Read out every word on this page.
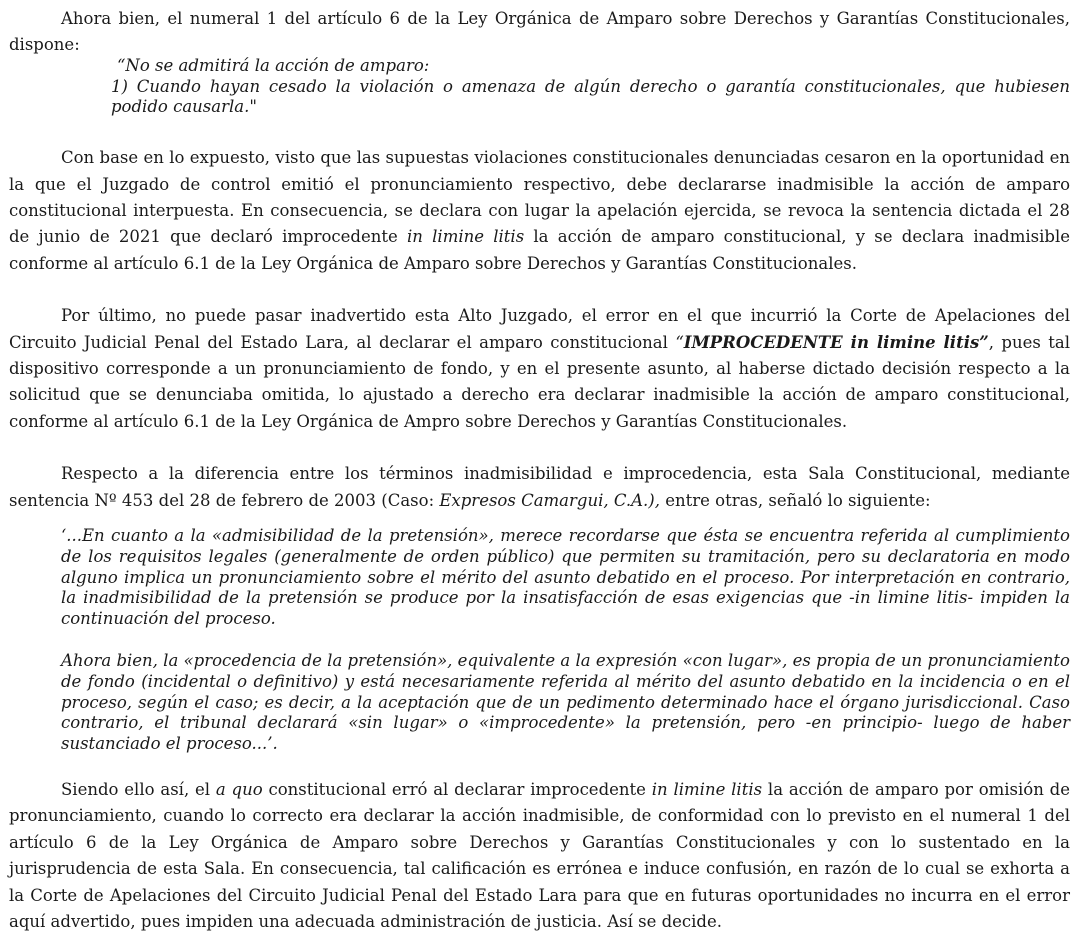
Ahora bien, el numeral 1 del artículo 6 de la Ley Orgánica de Amparo sobre Derechos y Garantías Constitucionales, dispone:

“No se admitirá la acción de amparo:
1) Cuando hayan cesado la violación o amenaza de algún derecho o garantía constitucionales, que hubiesen podido causarla."

Con base en lo expuesto, visto que las supuestas violaciones constitucionales denunciadas cesaron en la oportunidad en la que el Juzgado de control emitió el pronunciamiento respectivo, debe declararse inadmisible la acción de amparo constitucional interpuesta. En consecuencia, se declara con lugar la apelación ejercida, se revoca la sentencia dictada el 28 de junio de 2021 que declaró improcedente in limine litis la acción de amparo constitucional, y se declara inadmisible conforme al artículo 6.1 de la Ley Orgánica de Amparo sobre Derechos y Garantías Constitucionales.

Por último, no puede pasar inadvertido esta Alto Juzgado, el error en el que incurrió la Corte de Apelaciones del Circuito Judicial Penal del Estado Lara, al declarar el amparo constitucional “IMPROCEDENTE in limine litis”, pues tal dispositivo corresponde a un pronunciamiento de fondo, y en el presente asunto, al haberse dictado decisión respecto a la solicitud que se denunciaba omitida, lo ajustado a derecho era declarar inadmisible la acción de amparo constitucional, conforme al artículo 6.1 de la Ley Orgánica de Ampro sobre Derechos y Garantías Constitucionales.

Respecto a la diferencia entre los términos inadmisibilidad e improcedencia, esta Sala Constitucional, mediante sentencia Nº 453 del 28 de febrero de 2003 (Caso: Expresos Camargui, C.A.), entre otras, señaló lo siguiente:

‘...En cuanto a la «admisibilidad de la pretensión», merece recordarse que ésta se encuentra referida al cumplimiento de los requisitos legales (generalmente de orden público) que permiten su tramitación, pero su declaratoria en modo alguno implica un pronunciamiento sobre el mérito del asunto debatido en el proceso. Por interpretación en contrario, la inadmisibilidad de la pretensión se produce por la insatisfacción de esas exigencias que -in limine litis- impiden la continuación del proceso.
Ahora bien, la «procedencia de la pretensión», equivalente a la expresión «con lugar», es propia de un pronunciamiento de fondo (incidental o definitivo) y está necesariamente referida al mérito del asunto debatido en la incidencia o en el proceso, según el caso; es decir, a la aceptación que de un pedimento determinado hace el órgano jurisdiccional. Caso contrario, el tribunal declarará «sin lugar» o «improcedente» la pretensión, pero -en principio- luego de haber sustanciado el proceso...’.

Siendo ello así, el a quo constitucional erró al declarar improcedente in limine litis la acción de amparo por omisión de pronunciamiento, cuando lo correcto era declarar la acción inadmisible, de conformidad con lo previsto en el numeral 1 del artículo 6 de la Ley Orgánica de Amparo sobre Derechos y Garantías Constitucionales y con lo sustentado en la jurisprudencia de esta Sala. En consecuencia, tal calificación es errónea e induce confusión, en razón de lo cual se exhorta a la Corte de Apelaciones del Circuito Judicial Penal del Estado Lara para que en futuras oportunidades no incurra en el error aquí advertido, pues impiden una adecuada administración de justicia. Así se decide.
